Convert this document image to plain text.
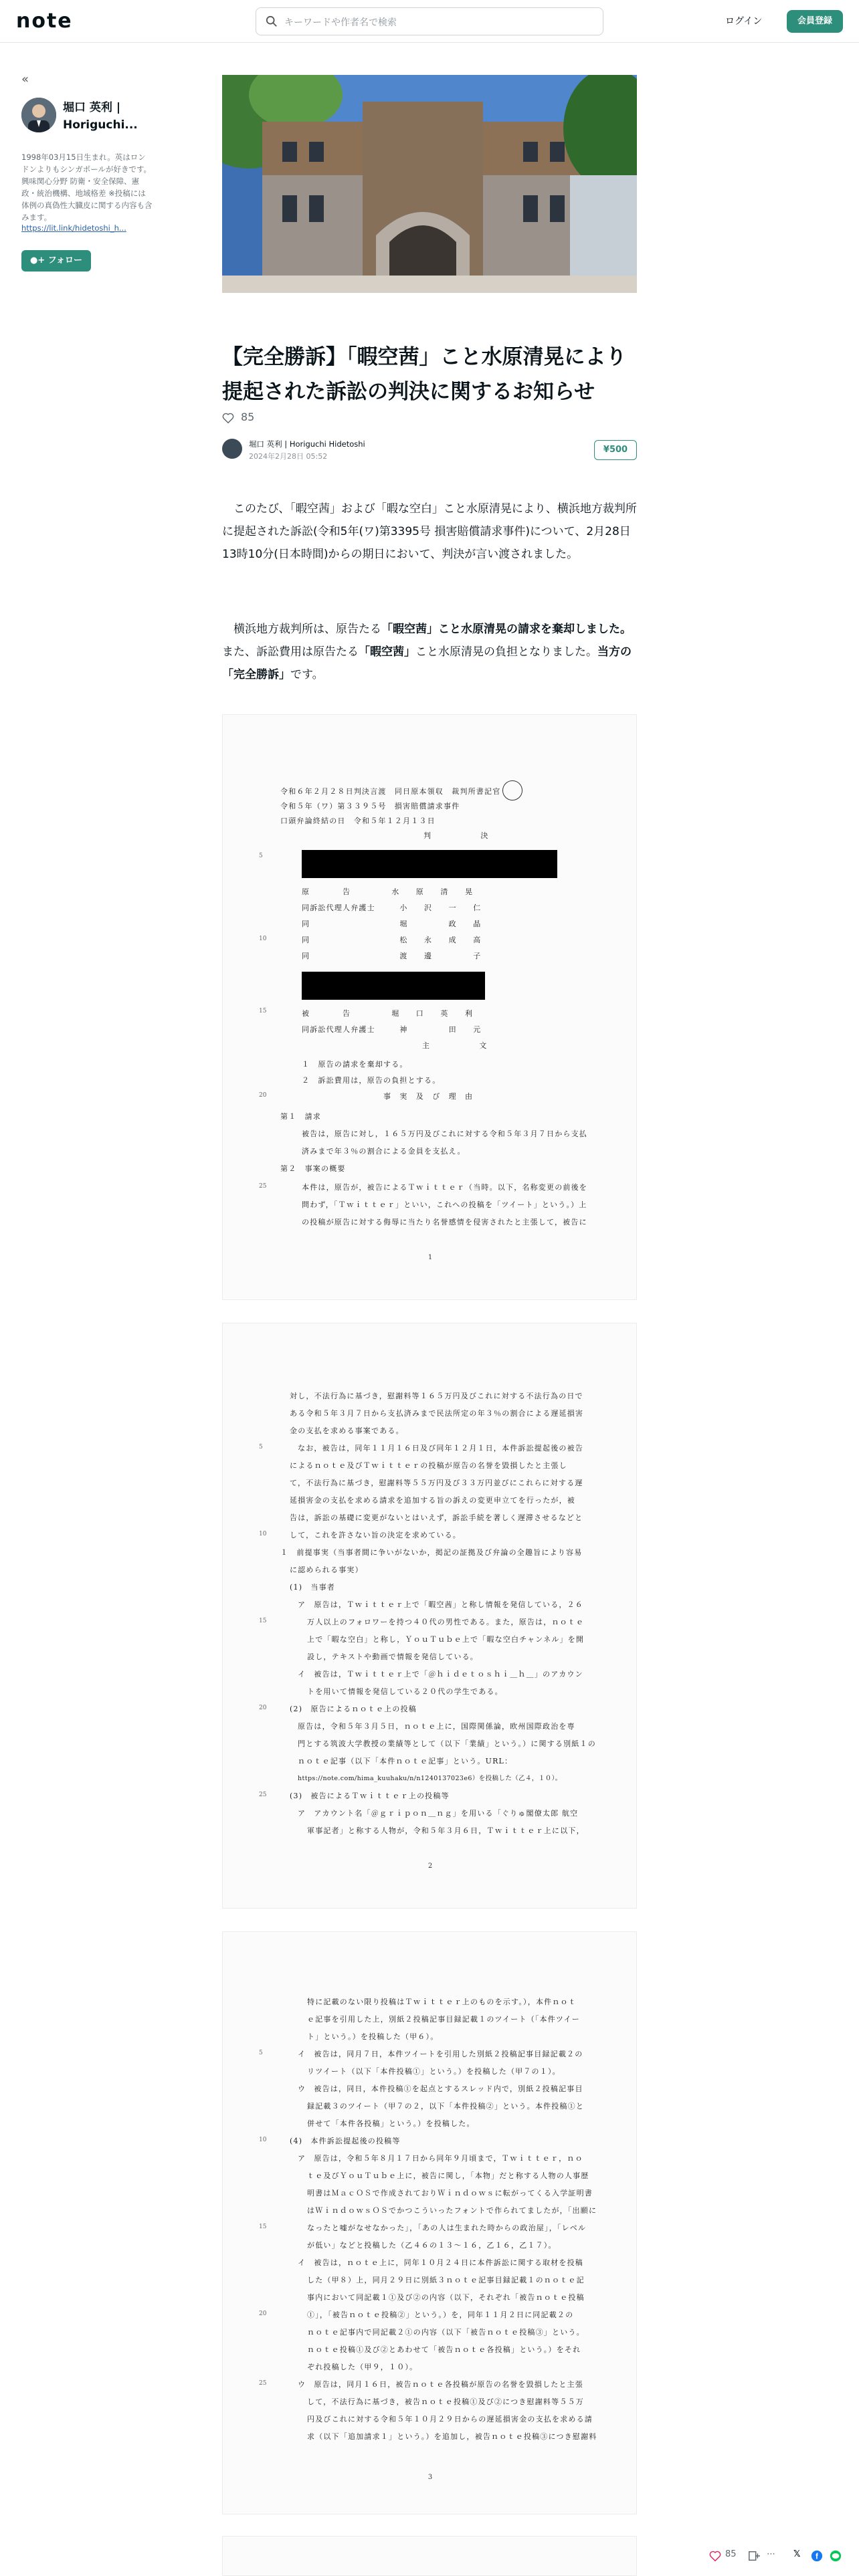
note	キーワードや作者名で検索	ログイン	会員登録
«
堀口 英利 | Horiguchi...
1998年03月15日生まれ。英はロンドンよりもシンガポールが好きです。興味関心分野 防衛・安全保障、憲政・統治機構、地域格差 ※投稿には体例の真偽性大臓皮に関する内容も含みます。
https://lit.link/hidetoshi_h...
●+ フォロー
【完全勝訴】「暇空茜」こと水原清晃により提起された訴訟の判決に関するお知らせ
85
堀口 英利 | Horiguchi Hidetoshi
2024年2月28日 05:52
¥500

　このたび、「暇空茜」および「暇な空白」こと水原清晃により、横浜地方裁判所に提起された訴訟(令和5年(ワ)第3395号 損害賠償請求事件)について、2月28日13時10分(日本時間)からの期日において、判決が言い渡されました。

　横浜地方裁判所は、原告たる「暇空茜」こと水原清晃の請求を棄却しました。また、訴訟費用は原告たる「暇空茜」こと水原清晃の負担となりました。当方の「完全勝訴」です。

令和６年２月２８日判決言渡　同日原本領収　裁判所書記官
令和５年（ワ）第３３９５号　損害賠償請求事件
口頭弁論終結の日　令和５年１２月１３日
判　　　　　　決
5
原　　　　告　　　　　水　　原　　清　　晃
同訴訟代理人弁護士　　　小　　沢　　一　　仁
同　　　　　　　　　　　堀　　　　　政　　晶
10	同　　　　　　　　　　　松　　永　　成　　高
同　　　　　　　　　　　渡　　邊　　　　　子
15	被　　　　告　　　　　堀　　口　　英　　利
同訴訟代理人弁護士　　　神　　　　　田　　元
主　　　　　　文
１　原告の請求を棄却する。
２　訴訟費用は，原告の負担とする。
20	事　実　及　び　理　由
第１　請求
被告は，原告に対し，１６５万円及びこれに対する令和５年３月７日から支払
済みまで年３％の割合による金員を支払え。
第２　事案の概要
25	本件は，原告が，被告によるＴｗｉｔｔｅｒ（当時。以下，名称変更の前後を
問わず，「Ｔｗｉｔｔｅｒ」といい，これへの投稿を「ツイート」という。）上
の投稿が原告に対する侮辱に当たり名誉感情を侵害されたと主張して，被告に
1
対し，不法行為に基づき，慰謝料等１６５万円及びこれに対する不法行為の日で
ある令和５年３月７日から支払済みまで民法所定の年３％の割合による遅延損害
金の支払を求める事案である。
5	なお，被告は，同年１１月１６日及び同年１２月１日，本件訴訟提起後の被告
によるｎｏｔｅ及びＴｗｉｔｔｅｒの投稿が原告の名誉を毀損したと主張し
て，不法行為に基づき，慰謝料等５５万円及び３３万円並びにこれらに対する遅
延損害金の支払を求める請求を追加する旨の訴えの変更申立てを行ったが，被
告は，訴訟の基礎に変更がないとはいえず，訴訟手続を著しく遅滞させるなどと
10	して，これを許さない旨の決定を求めている。
１　前提事実（当事者間に争いがないか，掲記の証拠及び弁論の全趣旨により容易
に認められる事実）
(1)　当事者
ア　原告は，Ｔｗｉｔｔｅｒ上で「暇空茜」と称し情報を発信している，２６
15	万人以上のフォロワーを持つ４０代の男性である。また，原告は，ｎｏｔｅ
上で「暇な空白」と称し，ＹｏｕＴｕｂｅ上で「暇な空白チャンネル」を開
設し，テキストや動画で情報を発信している。
イ　被告は，Ｔｗｉｔｔｅｒ上で「＠ｈｉｄｅｔｏｓｈｉ＿ｈ＿」のアカウン
トを用いて情報を発信している２０代の学生である。
20	(2)　原告によるｎｏｔｅ上の投稿
原告は，令和５年３月５日，ｎｏｔｅ上に，国際関係論，欧州国際政治を専
門とする筑波大学教授の業績等として（以下「業績」という。）に関する別紙１の
ｎｏｔｅ記事（以下「本件ｎｏｔｅ記事」という。URL：
https://note.com/hima_kuuhaku/n/n1240137023e6）を投稿した（乙４，１０）。
25	(3)　被告によるＴｗｉｔｔｅｒ上の投稿等
ア　アカウント名「＠ｇｒｉｐｏｎ＿ｎｇ」を用いる「ぐりゅ閣僚太郎 航空
軍事記者」と称する人物が，令和５年３月６日，Ｔｗｉｔｔｅｒ上に以下，
2
特に記載のない限り投稿はＴｗｉｔｔｅｒ上のものを示す。），本件ｎｏｔ
ｅ記事を引用した上，別紙２投稿記事目録記載１のツイート（「本件ツイー
ト」という。）を投稿した（甲６）。
5	イ　被告は，同月７日，本件ツイートを引用した別紙２投稿記事目録記載２の
リツイート（以下「本件投稿①」という。）を投稿した（甲７の１）。
ウ　被告は，同日，本件投稿①を起点とするスレッド内で，別紙２投稿記事目
録記載３のツイート（甲７の２，以下「本件投稿②」という。本件投稿①と
併せて「本件各投稿」という。）を投稿した。
10	(4)　本件訴訟提起後の投稿等
ア　原告は，令和５年８月１７日から同年９月頃まで，Ｔｗｉｔｔｅｒ，ｎｏ
ｔｅ及びＹｏｕＴｕｂｅ上に，被告に関し，「本物」だと称する人物の人事歴
明書はＭａｃＯＳで作成されておりＷｉｎｄｏｗｓに転がってくる入学証明書
はＷｉｎｄｏｗｓＯＳでかつこういったフォントで作られてましたが，「出願に
15	なったと嘘がなせなかった」，「あの人は生まれた時からの政治屋」，「レベル
が低い」などと投稿した（乙４６の１３～１６，乙１６，乙１７）。
イ　被告は，ｎｏｔｅ上に，同年１０月２４日に本件訴訟に関する取材を投稿
した（甲８）上，同月２９日に別紙３ｎｏｔｅ記事目録記載１のｎｏｔｅ記
事内において同記載１①及び②の内容（以下，それぞれ「被告ｎｏｔｅ投稿
20	①」，「被告ｎｏｔｅ投稿②」という。）を，同年１１月２日に同記載２の
ｎｏｔｅ記事内で同記載２①の内容（以下「被告ｎｏｔｅ投稿③」という。
ｎｏｔｅ投稿①及び②とあわせて「被告ｎｏｔｅ各投稿」という。）をそれ
ぞれ投稿した（甲９，１０）。
25	ウ　原告は，同月１６日，被告ｎｏｔｅ各投稿が原告の名誉を毀損したと主張
して，不法行為に基づき，被告ｎｏｔｅ投稿①及び②につき慰謝料等５５万
円及びこれに対する令和５年１０月２９日からの遅延損害金の支払を求める請
求（以下「追加請求１」という。）を追加し，被告ｎｏｔｅ投稿③につき慰謝料
3
85	⋯ 𝕏 f
